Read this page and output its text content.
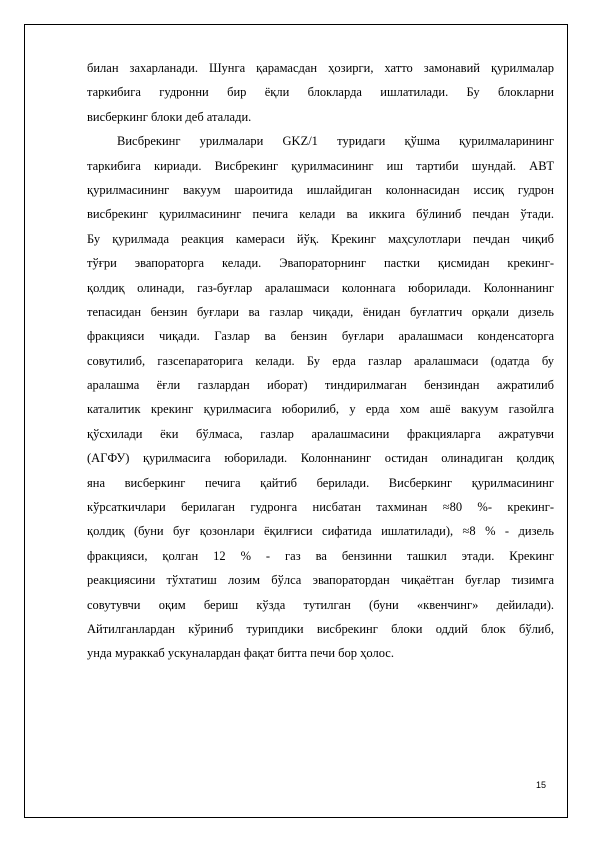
билан захарланади. Шунга қарамасдан ҳозирги, хатто замонавий қурилмалар
таркибига гудронни бир ёқли блокларда ишлатилади. Бу блокларни
висберкинг блоки деб аталади.
Висбрекинг урилмалари GKZ/1 туридаги қўшма қурилмаларининг
таркибига кириади. Висбрекинг қурилмасининг иш тартиби шундай. АВТ
қурилмасининг вакуум шароитида ишлайдиган колоннасидан иссиқ гудрон
висбрекинг қурилмасининг печига келади ва иккига бўлиниб печдан ўтади.
Бу қурилмада реакция камераси йўқ. Крекинг маҳсулотлари печдан чиқиб
тўғри эвапораторга келади. Эвапораторнинг пастки қисмидан крекинг-
қолдиқ олинади, газ-буғлар аралашмаси колоннага юборилади. Колоннанинг
тепасидан бензин буғлари ва газлар чиқади, ёнидан буғлатгич орқали дизель
фракцияси чиқади. Газлар ва бензин буғлари аралашмаси конденсаторга
совутилиб, газсепараторига келади. Бу ерда газлар аралашмаси (одатда бу
аралашма ёғли газлардан иборат) тиндирилмаган бензиндан ажратилиб
каталитик крекинг қурилмасига юборилиб, у ерда хом ашё вакуум газойлга
қўсхилади ёки бўлмаса, газлар аралашмасини фракцияларга ажратувчи
(АГФУ) қурилмасига юборилади. Колоннанинг остидан олинадиган қолдиқ
яна висберкинг печига қайтиб берилади. Висберкинг қурилмасининг
кўрсаткичлари берилаган гудронга нисбатан тахминан ≈80 %- крекинг-
қолдиқ (буни буғ қозонлари ёқилғиси сифатида ишлатилади), ≈8 % - дизель
фракцияси, қолган 12 % - газ ва бензинни ташкил этади. Крекинг
реакциясини тўхтатиш лозим бўлса эвапоратордан чиқаётган буғлар тизимга
совутувчи оқим бериш кўзда тутилган (буни «квенчинг» дейилади).
Айтилганлардан кўриниб турипдики висбрекинг блоки оддий блок бўлиб,
унда мураккаб ускуналардан фақат битта печи бор ҳолос.
15
